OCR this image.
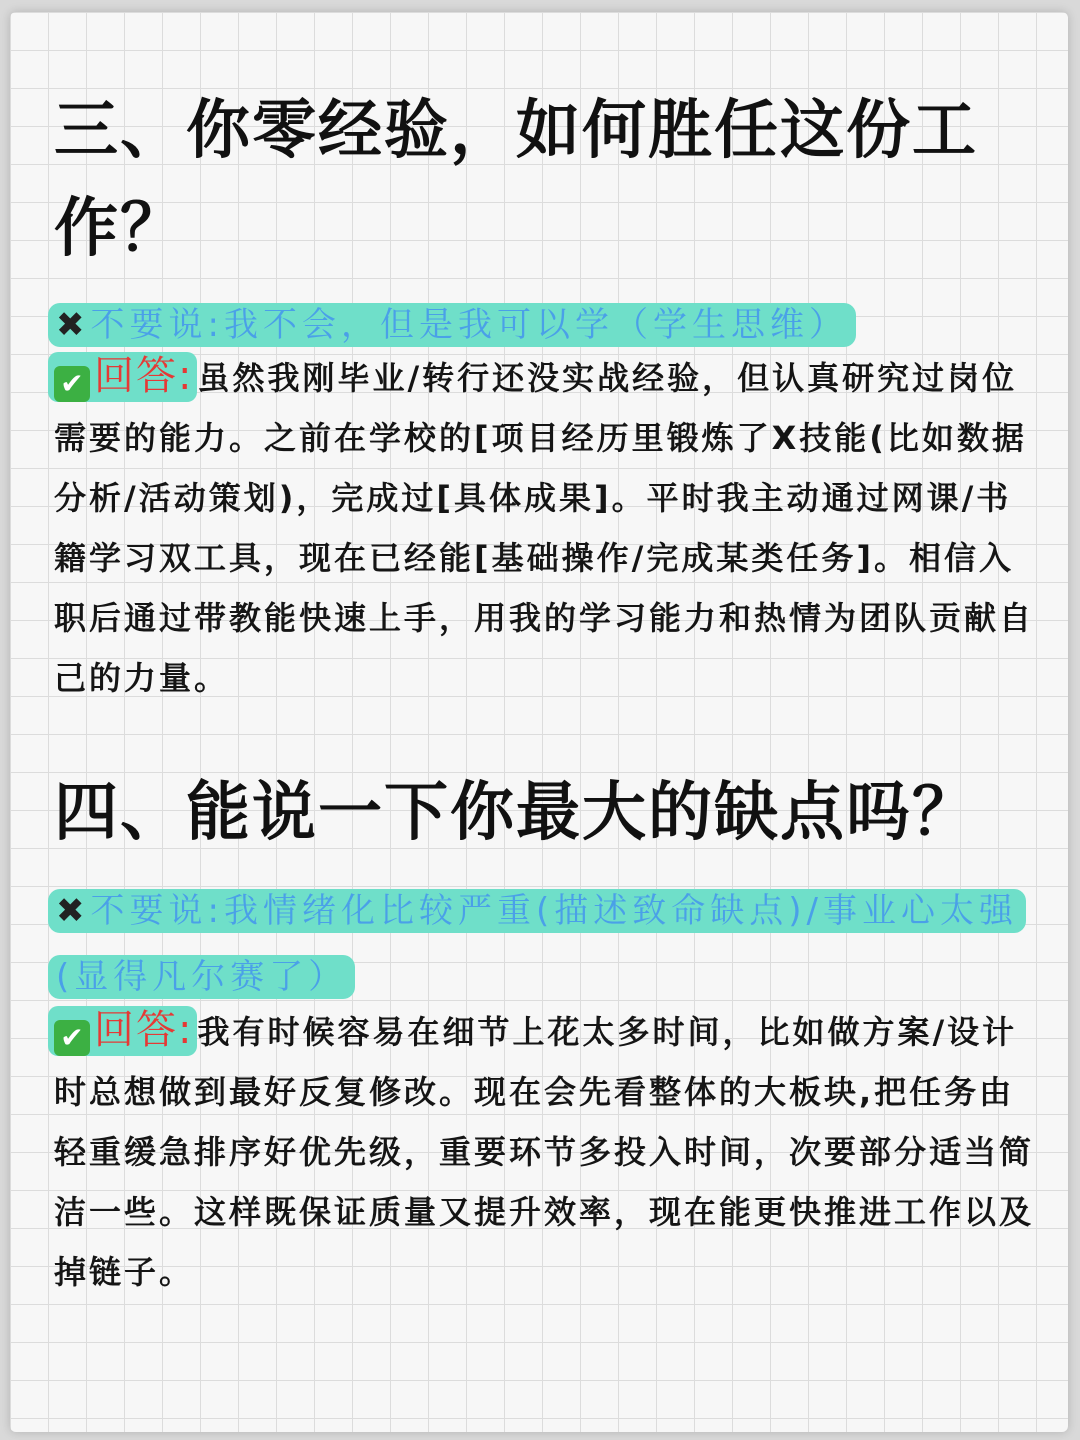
三、你零经验，如何胜任这份工作？
✖ 不要说:我不会，但是我可以学（学生思维）
✔ 回答: 虽然我刚毕业/转行还没实战经验，但认真研究过岗位需要的能力。之前在学校的[项目经历里锻炼了X技能(比如数据分析/活动策划)，完成过[具体成果]。平时我主动通过网课/书籍学习双工具，现在已经能[基础操作/完成某类任务]。相信入职后通过带教能快速上手，用我的学习能力和热情为团队贡献自己的力量。
四、能说一下你最大的缺点吗？
✖ 不要说:我情绪化比较严重(描述致命缺点)/事业心太强(显得凡尔赛了）
✔ 回答: 我有时候容易在细节上花太多时间，比如做方案/设计时总想做到最好反复修改。现在会先看整体的大板块,把任务由轻重缓急排序好优先级，重要环节多投入时间，次要部分适当简洁一些。这样既保证质量又提升效率，现在能更快推进工作以及掉链子。
